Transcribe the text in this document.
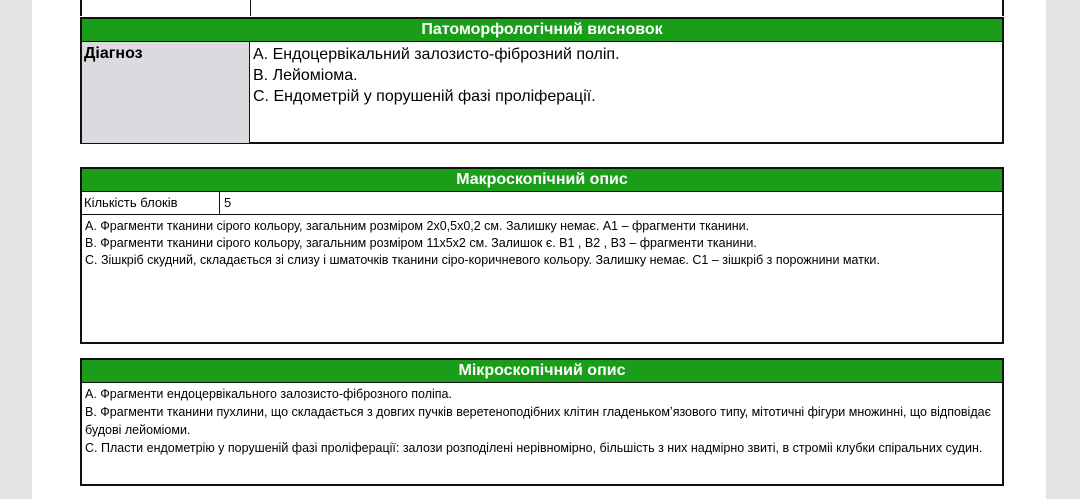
Патоморфологічний висновок
Діагноз	A. Ендоцервікальний залозисто-фіброзний поліп.
B. Лейоміома.
C. Ендометрій у порушеній фазі проліферації.
Макроскопічний опис
Кількість блоків	5
A. Фрагменти тканини сірого кольору, загальним розміром 2х0,5х0,2 см. Залишку немає. A1 – фрагменти тканини.
B. Фрагменти тканини сірого кольору, загальним розміром 11х5х2 см. Залишок є. B1 , B2 , B3 – фрагменти тканини.
C. Зішкріб скудний, складається зі слизу і шматочків тканини сіро-коричневого кольору. Залишку немає. C1 – зішкріб з порожнини матки.
Мікроскопічний опис
A. Фрагменти ендоцервікального залозисто-фіброзного поліпа.
B. Фрагменти тканини пухлини, що складається з довгих пучків веретеноподібних клітин гладенькомʼязового типу, мітотичні фігури множинні, що відповідає будові лейоміоми.
C. Пласти ендометрію у порушеній фазі проліферації: залози розподілені нерівномірно, більшість з них надмірно звиті, в строміі клубки спіральних судин.
